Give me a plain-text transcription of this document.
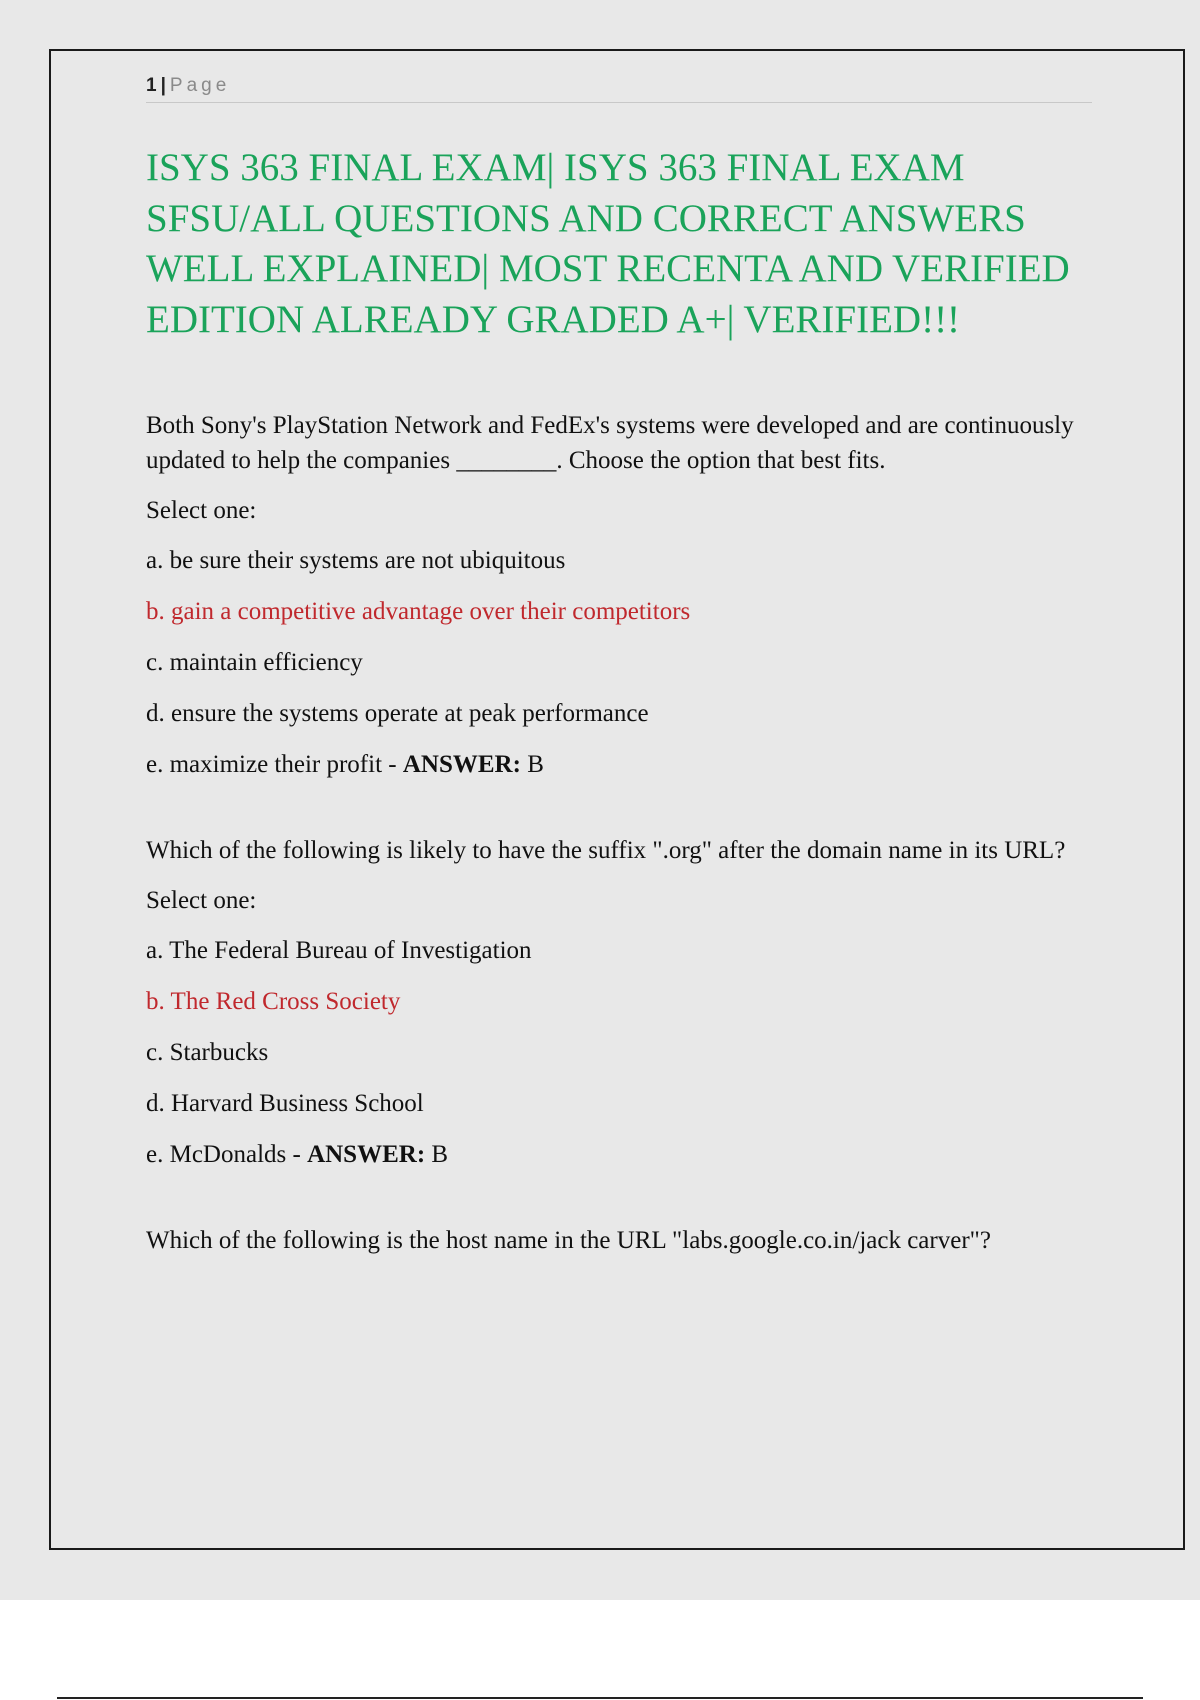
1 | Page
ISYS 363 FINAL EXAM| ISYS 363 FINAL EXAM SFSU/ALL QUESTIONS AND CORRECT ANSWERS WELL EXPLAINED| MOST RECENTA AND VERIFIED EDITION ALREADY GRADED A+| VERIFIED!!!

Both Sony's PlayStation Network and FedEx's systems were developed and are continuously updated to help the companies ________. Choose the option that best fits.

Select one:

a. be sure their systems are not ubiquitous

b. gain a competitive advantage over their competitors

c. maintain efficiency

d. ensure the systems operate at peak performance

e. maximize their profit - ANSWER: B

Which of the following is likely to have the suffix ".org" after the domain name in its URL?

Select one:

a. The Federal Bureau of Investigation

b. The Red Cross Society

c. Starbucks

d. Harvard Business School

e. McDonalds - ANSWER: B

Which of the following is the host name in the URL "labs.google.co.in/jack carver"?
